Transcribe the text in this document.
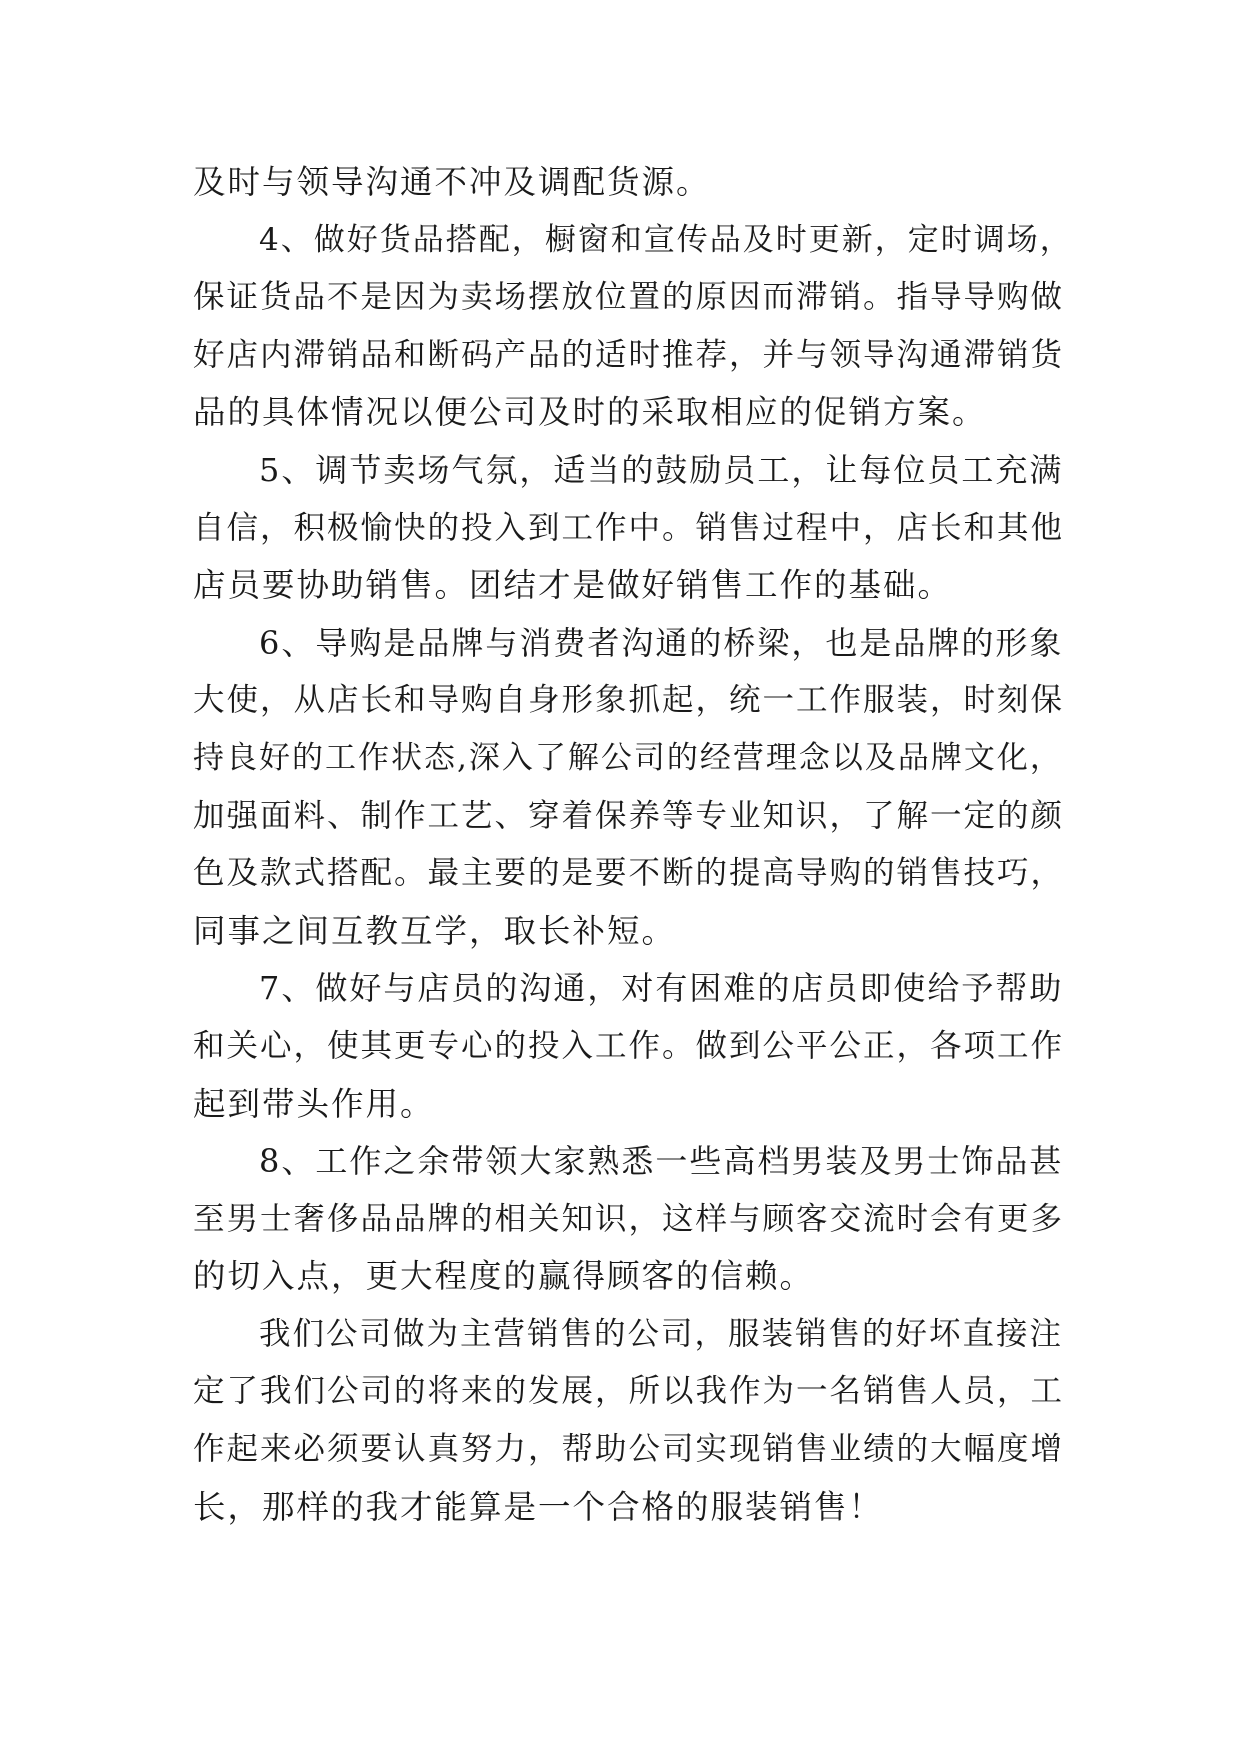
及时与领导沟通不冲及调配货源。
4、做好货品搭配，橱窗和宣传品及时更新，定时调场，
保证货品不是因为卖场摆放位置的原因而滞销。指导导购做
好店内滞销品和断码产品的适时推荐，并与领导沟通滞销货
品的具体情况以便公司及时的采取相应的促销方案。
5、调节卖场气氛，适当的鼓励员工，让每位员工充满
自信，积极愉快的投入到工作中。销售过程中，店长和其他
店员要协助销售。团结才是做好销售工作的基础。
6、导购是品牌与消费者沟通的桥梁，也是品牌的形象
大使，从店长和导购自身形象抓起，统一工作服装，时刻保
持良好的工作状态,深入了解公司的经营理念以及品牌文化，
加强面料、制作工艺、穿着保养等专业知识，了解一定的颜
色及款式搭配。最主要的是要不断的提高导购的销售技巧，
同事之间互教互学，取长补短。
7、做好与店员的沟通，对有困难的店员即使给予帮助
和关心，使其更专心的投入工作。做到公平公正，各项工作
起到带头作用。
8、工作之余带领大家熟悉一些高档男装及男士饰品甚
至男士奢侈品品牌的相关知识，这样与顾客交流时会有更多
的切入点，更大程度的赢得顾客的信赖。
我们公司做为主营销售的公司，服装销售的好坏直接注
定了我们公司的将来的发展，所以我作为一名销售人员，工
作起来必须要认真努力，帮助公司实现销售业绩的大幅度增
长，那样的我才能算是一个合格的服装销售！
